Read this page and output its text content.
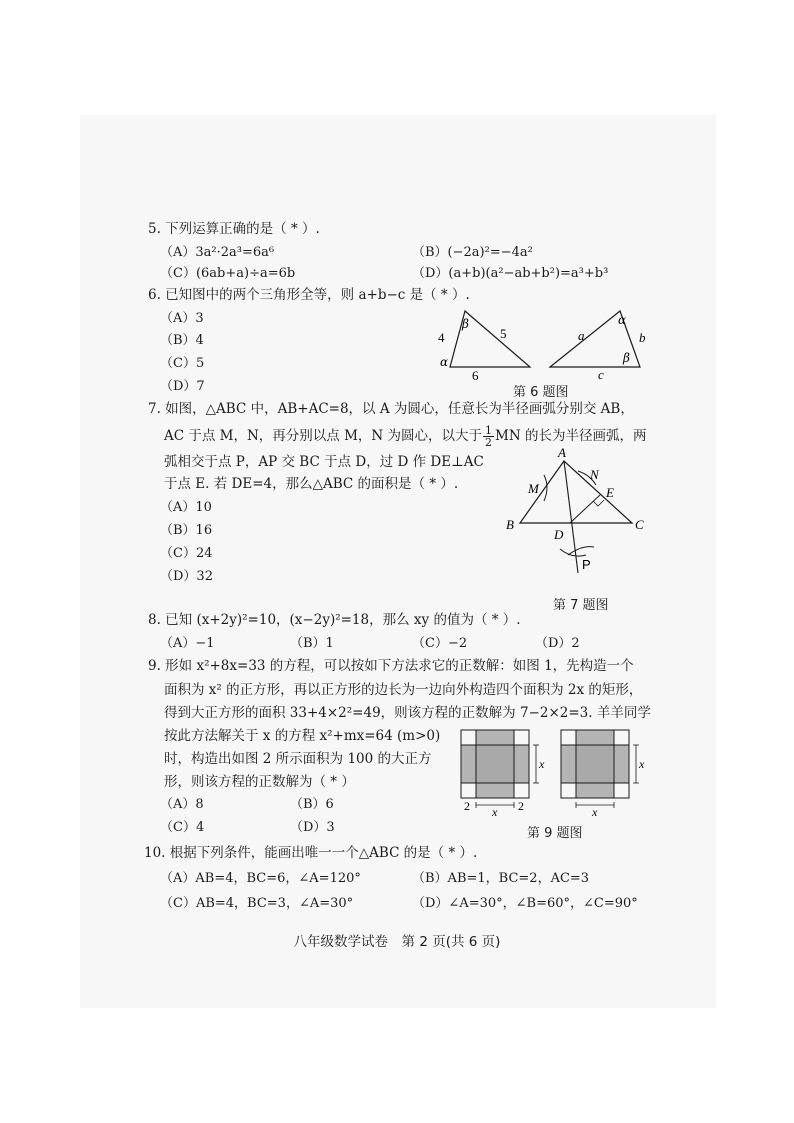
5. 下列运算正确的是（ * ）.
（A）3a²·2a³=6a⁶	（B）(−2a)²=−4a²
（C）(6ab+a)÷a=6b	（D）(a+b)(a²−ab+b²)=a³+b³
6. 已知图中的两个三角形全等，则 a+b−c 是（ * ）.
（A）3
（B）4
（C）5
（D）7
4	5
6
β
α
a	b
c
α
β
第 6 题图
7. 如图，△ABC 中，AB+AC=8，以 A 为圆心，任意长为半径画弧分别交 AB，
AC 于点 M，N，再分别以点 M，N 为圆心，以大于 $\frac{1}{2}$ MN 的长为半径画弧，两
弧相交于点 P，AP 交 BC 于点 D，过 D 作 DE⊥AC
于点 E. 若 DE=4，那么△ABC 的面积是（ * ）.
（A）10
（B）16
（C）24
（D）32
A
B	C
D
E
M
N
P
第 7 题图
8. 已知 (x+2y)²=10，(x−2y)²=18，那么 xy 的值为（ * ）.
（A）−1	（B）1	（C）−2	（D）2
9. 形如 x²+8x=33 的方程，可以按如下方法求它的正数解：如图 1，先构造一个
面积为 x² 的正方形，再以正方形的边长为一边向外构造四个面积为 2x 的矩形，
得到大正方形的面积 33+4×2²=49，则该方程的正数解为 7−2×2=3. 羊羊同学
按此方法解关于 x 的方程 x²+mx=64 (m>0)
时，构造出如图 2 所示面积为 100 的大正方
形，则该方程的正数解为（ * ）
（A）8	（B）6
（C）4	（D）3
x
x
2	2
x
x
第 9 题图
10. 根据下列条件，能画出唯一一个△ABC 的是（ * ）.
（A）AB=4，BC=6，∠A=120°	（B）AB=1，BC=2，AC=3
（C）AB=4，BC=3，∠A=30°	（D）∠A=30°，∠B=60°，∠C=90°
八年级数学试卷　第 2 页(共 6 页)
